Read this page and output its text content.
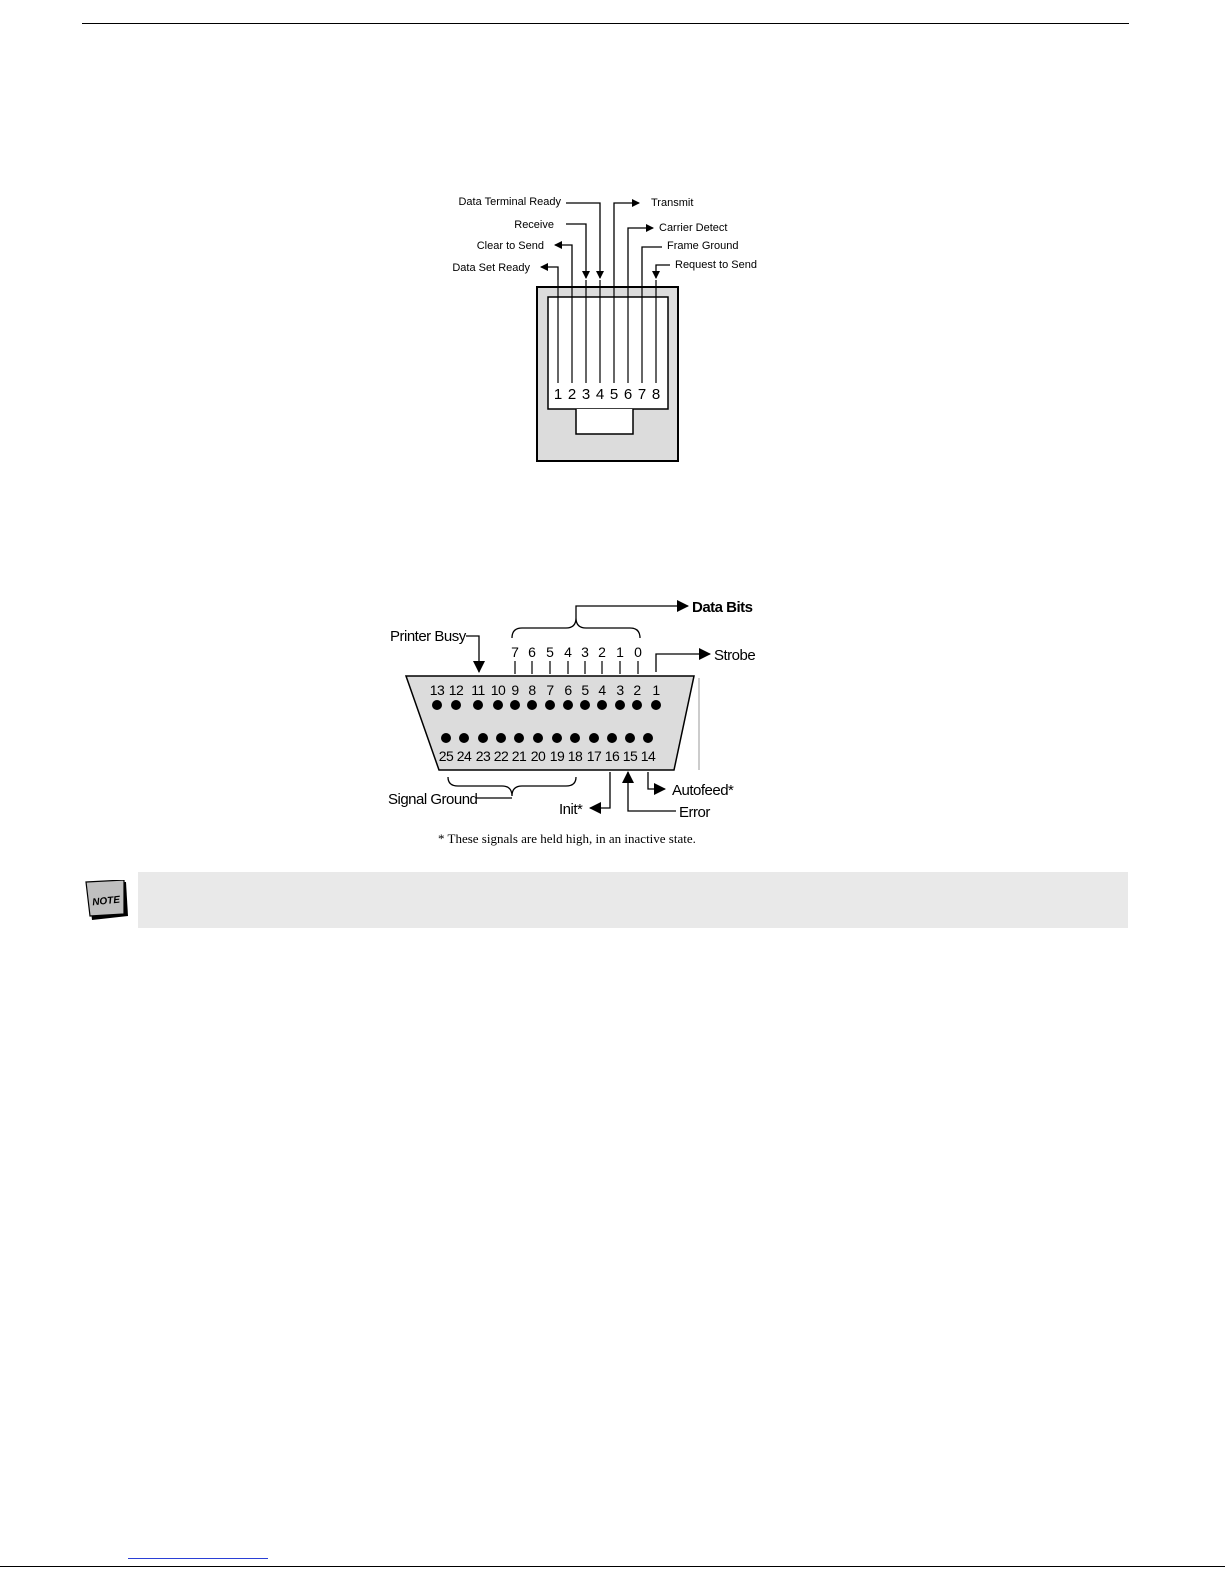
1 2 3 4 5 6 7 8
Data Terminal Ready
Receive
Clear to Send
Data Set Ready
Transmit
Carrier Detect
Frame Ground
Request to Send
13 12 11 10 9 8 7 6 5 4 3 2 1
25 24 23 22 21 20 19 18 17 16 15 14
7 6 5 4 3 2 1 0
Data Bits
Printer Busy
Strobe
Signal Ground
Init*	Error
Autofeed*
* These signals are held high, in an inactive state.
NOTE
